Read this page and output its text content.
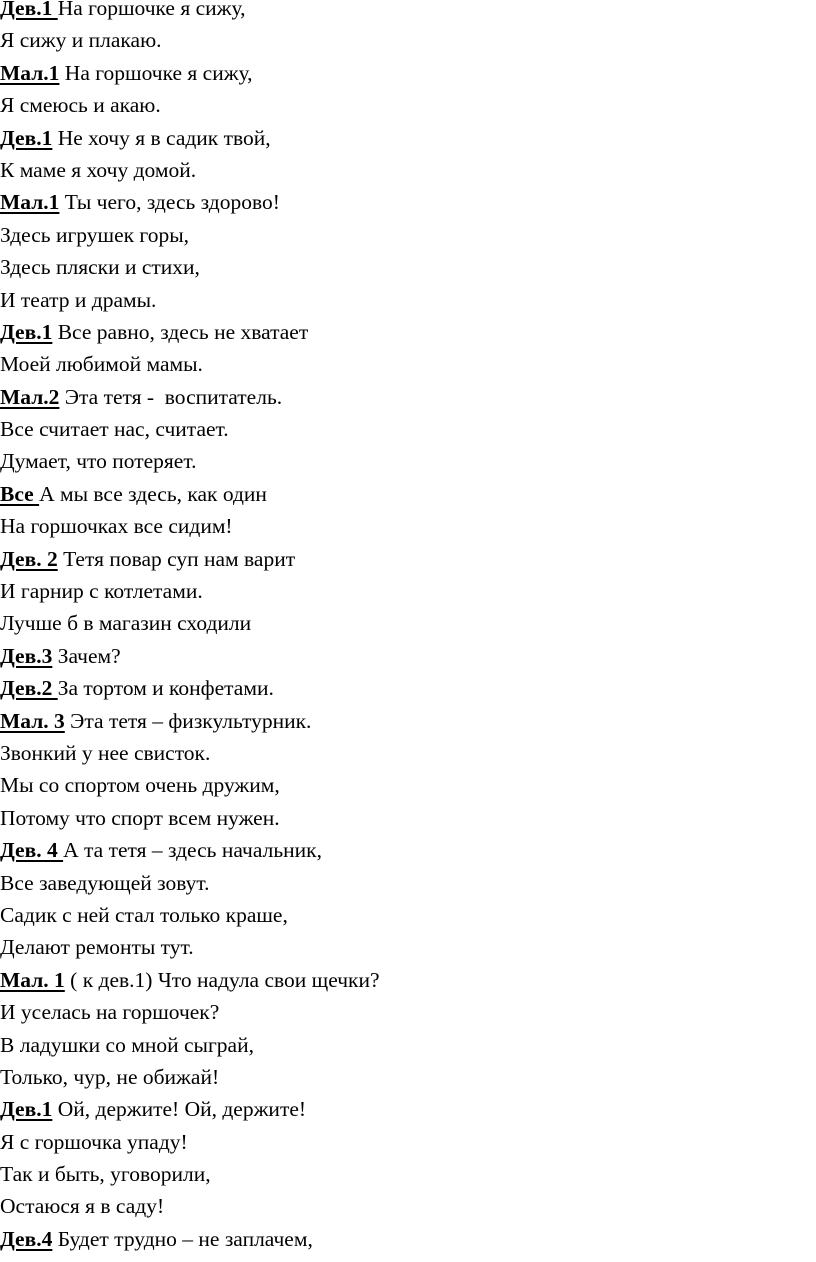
Дев.1 На горшочке я сижу,
Я сижу и плакаю.
Мал.1 На горшочке я сижу,
Я смеюсь и акаю.
Дев.1 Не хочу я в садик твой,
К маме я хочу домой.
Мал.1 Ты чего, здесь здорово!
Здесь игрушек горы,
Здесь пляски и стихи,
И театр и драмы.
Дев.1 Все равно, здесь не хватает
Моей любимой мамы.
Мал.2 Эта тетя -  воспитатель.
Все считает нас, считает.
Думает, что потеряет.
Все А мы все здесь, как один
На горшочках все сидим!
Дев. 2 Тетя повар суп нам варит
И гарнир с котлетами.
Лучше б в магазин сходили
Дев.3 Зачем?
Дев.2 За тортом и конфетами.
Мал. 3 Эта тетя – физкультурник.
Звонкий у нее свисток.
Мы со спортом очень дружим,
Потому что спорт всем нужен.
Дев. 4 А та тетя – здесь начальник,
Все заведующей зовут.
Садик с ней стал только краше,
Делают ремонты тут.
Мал. 1 ( к дев.1) Что надула свои щечки?
И уселась на горшочек?
В ладушки со мной сыграй,
Только, чур, не обижай!
Дев.1 Ой, держите! Ой, держите!
Я с горшочка упаду!
Так и быть, уговорили,
Остаюся я в саду!
Дев.4 Будет трудно – не заплачем,
